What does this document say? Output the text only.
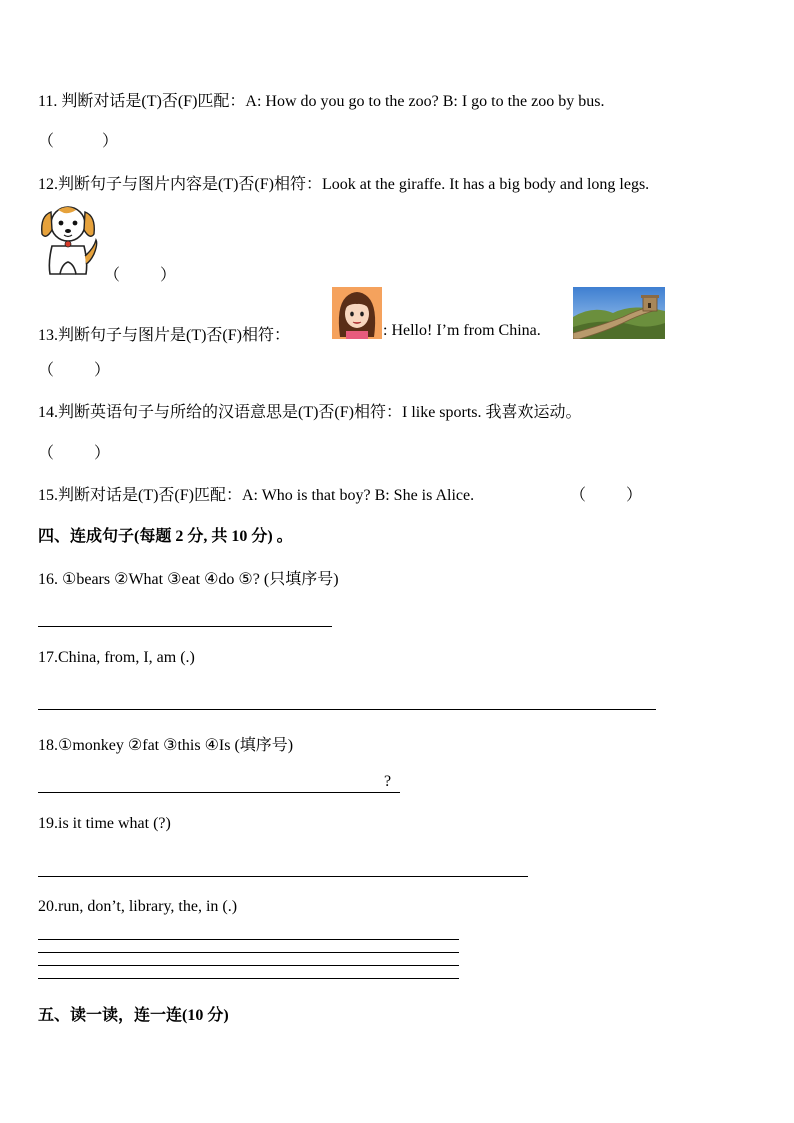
11. 判断对话是(T)否(F)匹配：A: How do you go to the zoo? B: I go to the zoo by bus.
（            ）
12.判断句子与图片内容是(T)否(F)相符：Look at the giraffe. It has a big body and long legs.
（          ）
13.判断句子与图片是(T)否(F)相符：	: Hello! I’m from China.
（          ）
14.判断英语句子与所给的汉语意思是(T)否(F)相符：I like sports. 我喜欢运动。
（          ）
15.判断对话是(T)否(F)匹配：A: Who is that boy? B: She is Alice.	（          ）
四、连成句子(每题 2 分, 共 10 分) 。
16. ①bears ②What ③eat ④do ⑤? (只填序号)
17.China, from, I, am (.)
18.①monkey ②fat ③this ④Is (填序号)
?
19.is it time what (?)
20.run, don’t, library, the, in (.)
五、读一读，连一连(10 分)
